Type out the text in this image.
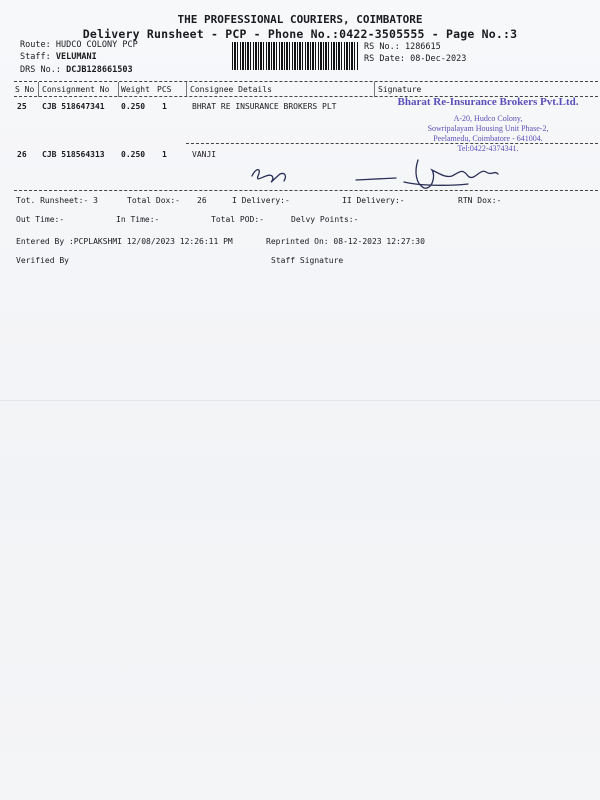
THE PROFESSIONAL COURIERS, COIMBATORE
Delivery Runsheet - PCP - Phone No.:0422-3505555 - Page No.:3
Route: HUDCO COLONY PCP
Staff: VELUMANI
DRS No.: DCJB128661503
RS No.: 1286615
RS Date: 08-Dec-2023
S No Consignment No Weight PCS Consignee Details	Signature
25 CJB 518647341 0.250 1	BHRAT RE INSURANCE BROKERS PLT
26 CJB 518564313 0.250 1	VANJI
Bharat Re-Insurance Brokers Pvt.Ltd.
A-20, Hudco Colony,
Sowripalayam Housing Unit Phase-2,
Peelamedu, Coimbatore - 641004.
Tel:0422-4374341.
Tot. Runsheet:- 3	Total Dox:- 26	I Delivery:-	II Delivery:-	RTN Dox:-
Out Time:-	In Time:-	Total POD:-	Delvy Points:-
Entered By :PCPLAKSHMI 12/08/2023 12:26:11 PM	Reprinted On: 08-12-2023 12:27:30
Verified By	Staff Signature
